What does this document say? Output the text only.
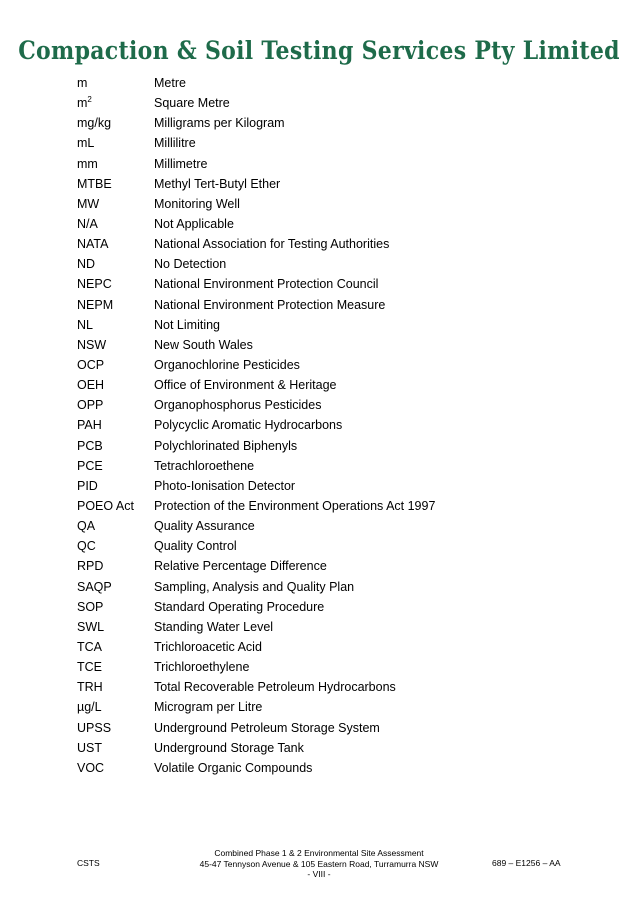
Compaction & Soil Testing Services Pty Limited
m	Metre
$m^2$	Square Metre
mg/kg	Milligrams per Kilogram
mL	Millilitre
mm	Millimetre
MTBE	Methyl Tert-Butyl Ether
MW	Monitoring Well
N/A	Not Applicable
NATA	National Association for Testing Authorities
ND	No Detection
NEPC	National Environment Protection Council
NEPM	National Environment Protection Measure
NL	Not Limiting
NSW	New South Wales
OCP	Organochlorine Pesticides
OEH	Office of Environment & Heritage
OPP	Organophosphorus Pesticides
PAH	Polycyclic Aromatic Hydrocarbons
PCB	Polychlorinated Biphenyls
PCE	Tetrachloroethene
PID	Photo-Ionisation Detector
POEO Act	Protection of the Environment Operations Act 1997
QA	Quality Assurance
QC	Quality Control
RPD	Relative Percentage Difference
SAQP	Sampling, Analysis and Quality Plan
SOP	Standard Operating Procedure
SWL	Standing Water Level
TCA	Trichloroacetic Acid
TCE	Trichloroethylene
TRH	Total Recoverable Petroleum Hydrocarbons
µg/L	Microgram per Litre
UPSS	Underground Petroleum Storage System
UST	Underground Storage Tank
VOC	Volatile Organic Compounds
CSTS
Combined Phase 1 & 2 Environmental Site Assessment
45-47 Tennyson Avenue & 105 Eastern Road, Turramurra NSW
- VIII -
689 – E1256 – AA
